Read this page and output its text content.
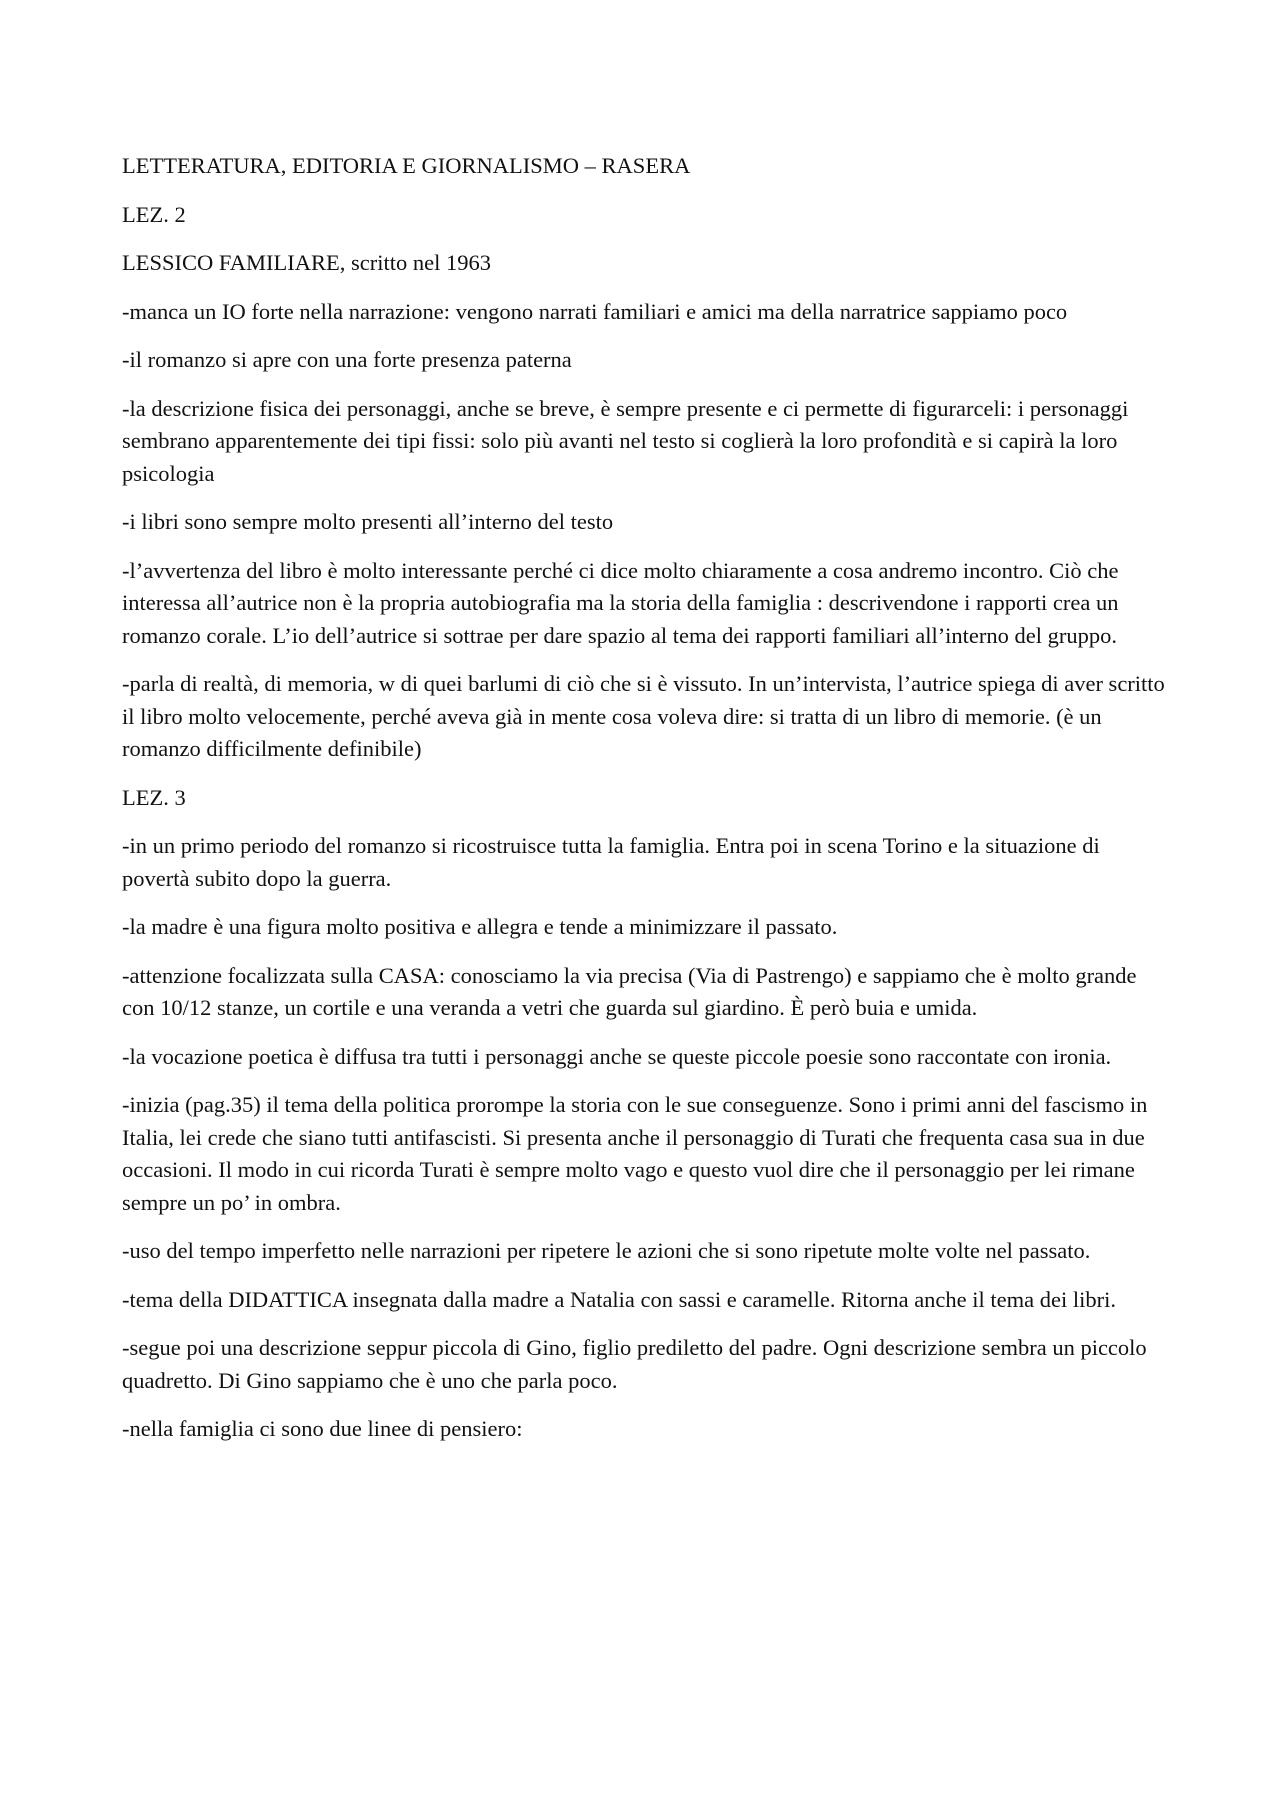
LETTERATURA, EDITORIA E GIORNALISMO – RASERA

LEZ. 2

LESSICO FAMILIARE, scritto nel 1963

-manca un IO forte nella narrazione: vengono narrati familiari e amici ma della narratrice sappiamo poco

-il romanzo si apre con una forte presenza paterna

-la descrizione fisica dei personaggi, anche se breve, è sempre presente e ci permette di figurarceli: i personaggi sembrano apparentemente dei tipi fissi: solo più avanti nel testo si coglierà la loro profondità e si capirà la loro psicologia

-i libri sono sempre molto presenti all’interno del testo

-l’avvertenza del libro è molto interessante perché ci dice molto chiaramente a cosa andremo incontro. Ciò che interessa all’autrice non è la propria autobiografia ma la storia della famiglia : descrivendone i rapporti crea un romanzo corale. L’io dell’autrice si sottrae per dare spazio al tema dei rapporti familiari all’interno del gruppo.

-parla di realtà, di memoria, w di quei barlumi di ciò che si è vissuto. In un’intervista, l’autrice spiega di aver scritto il libro molto velocemente, perché aveva già in mente cosa voleva dire: si tratta di un libro di memorie. (è un romanzo difficilmente definibile)

LEZ. 3

-in un primo periodo del romanzo si ricostruisce tutta la famiglia. Entra poi in scena Torino e la situazione di povertà subito dopo la guerra.

-la madre è una figura molto positiva e allegra e tende a minimizzare il passato.

-attenzione focalizzata sulla CASA: conosciamo la via precisa (Via di Pastrengo) e sappiamo che è molto grande con 10/12 stanze, un cortile e una veranda a vetri che guarda sul giardino. È però buia e umida.

-la vocazione poetica è diffusa tra tutti i personaggi anche se queste piccole poesie sono raccontate con ironia.

-inizia (pag.35) il tema della politica prorompe la storia con le sue conseguenze. Sono i primi anni del fascismo in Italia, lei crede che siano tutti antifascisti. Si presenta anche il personaggio di Turati che frequenta casa sua in due occasioni. Il modo in cui ricorda Turati è sempre molto vago e questo vuol dire che il personaggio per lei rimane sempre un po’ in ombra.

-uso del tempo imperfetto nelle narrazioni per ripetere le azioni che si sono ripetute molte volte nel passato.

-tema della DIDATTICA insegnata dalla madre a Natalia con sassi e caramelle. Ritorna anche il tema dei libri.

-segue poi una descrizione seppur piccola di Gino, figlio prediletto del padre. Ogni descrizione sembra un piccolo quadretto. Di Gino sappiamo che è uno che parla poco.

-nella famiglia ci sono due linee di pensiero:
